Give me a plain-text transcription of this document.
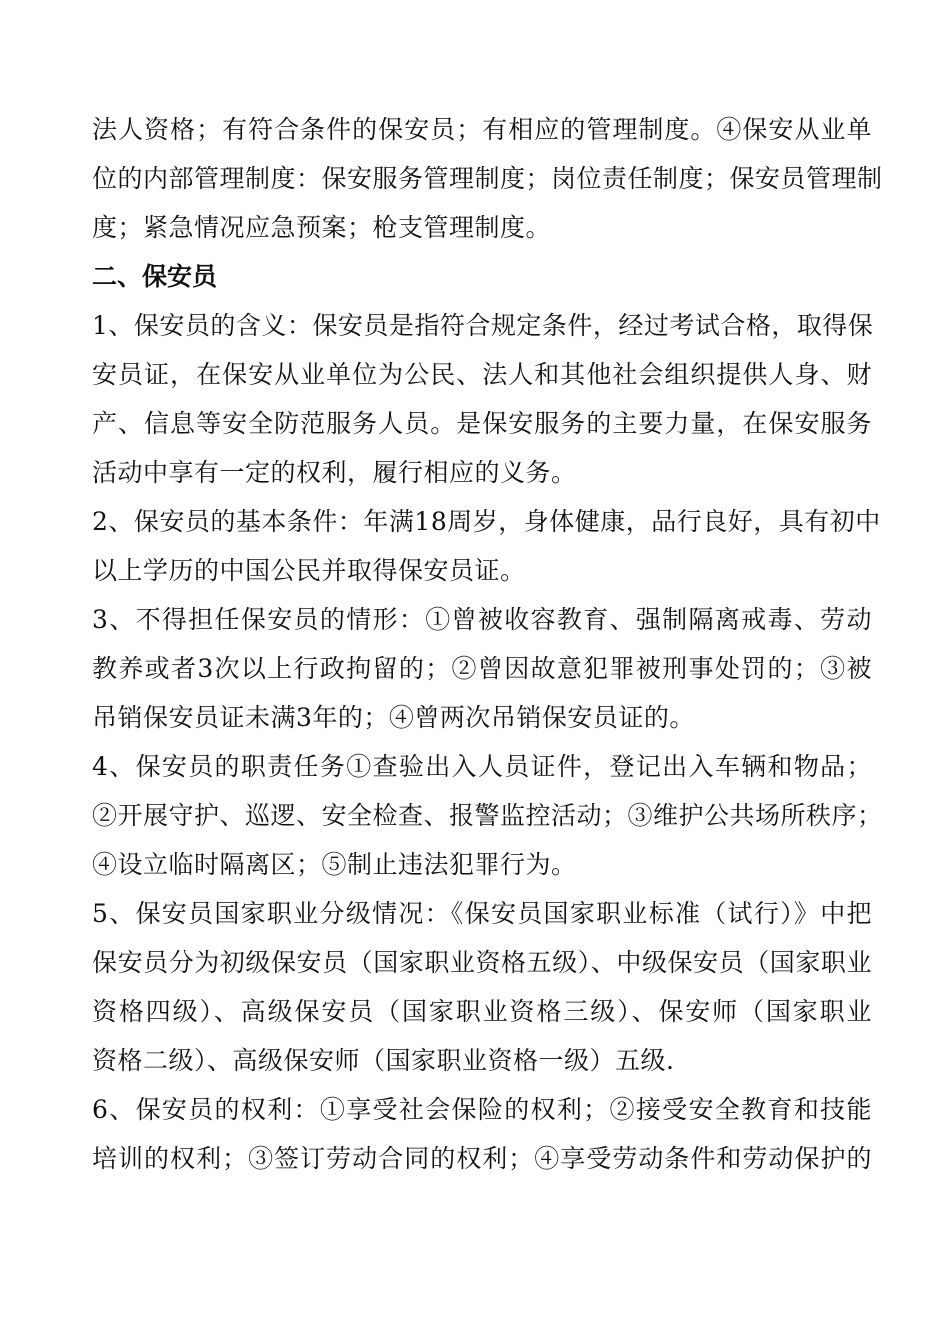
法人资格；有符合条件的保安员；有相应的管理制度。④保安从业单
位的内部管理制度：保安服务管理制度；岗位责任制度；保安员管理制
度；紧急情况应急预案；枪支管理制度。
二、保安员
1、保安员的含义：保安员是指符合规定条件，经过考试合格，取得保
安员证，在保安从业单位为公民、法人和其他社会组织提供人身、财
产、信息等安全防范服务人员。是保安服务的主要力量，在保安服务
活动中享有一定的权利，履行相应的义务。
2、保安员的基本条件：年满18周岁，身体健康，品行良好，具有初中
以上学历的中国公民并取得保安员证。
3、不得担任保安员的情形：①曾被收容教育、强制隔离戒毒、劳动
教养或者3次以上行政拘留的；②曾因故意犯罪被刑事处罚的；③被
吊销保安员证未满3年的；④曾两次吊销保安员证的。
4、保安员的职责任务①查验出入人员证件，登记出入车辆和物品；
②开展守护、巡逻、安全检查、报警监控活动；③维护公共场所秩序；
④设立临时隔离区；⑤制止违法犯罪行为。
5、保安员国家职业分级情况：《保安员国家职业标准（试行）》中把
保安员分为初级保安员（国家职业资格五级）、中级保安员（国家职业
资格四级）、高级保安员（国家职业资格三级）、保安师（国家职业
资格二级）、高级保安师（国家职业资格一级）五级.
6、保安员的权利：①享受社会保险的权利；②接受安全教育和技能
培训的权利；③签订劳动合同的权利；④享受劳动条件和劳动保护的
